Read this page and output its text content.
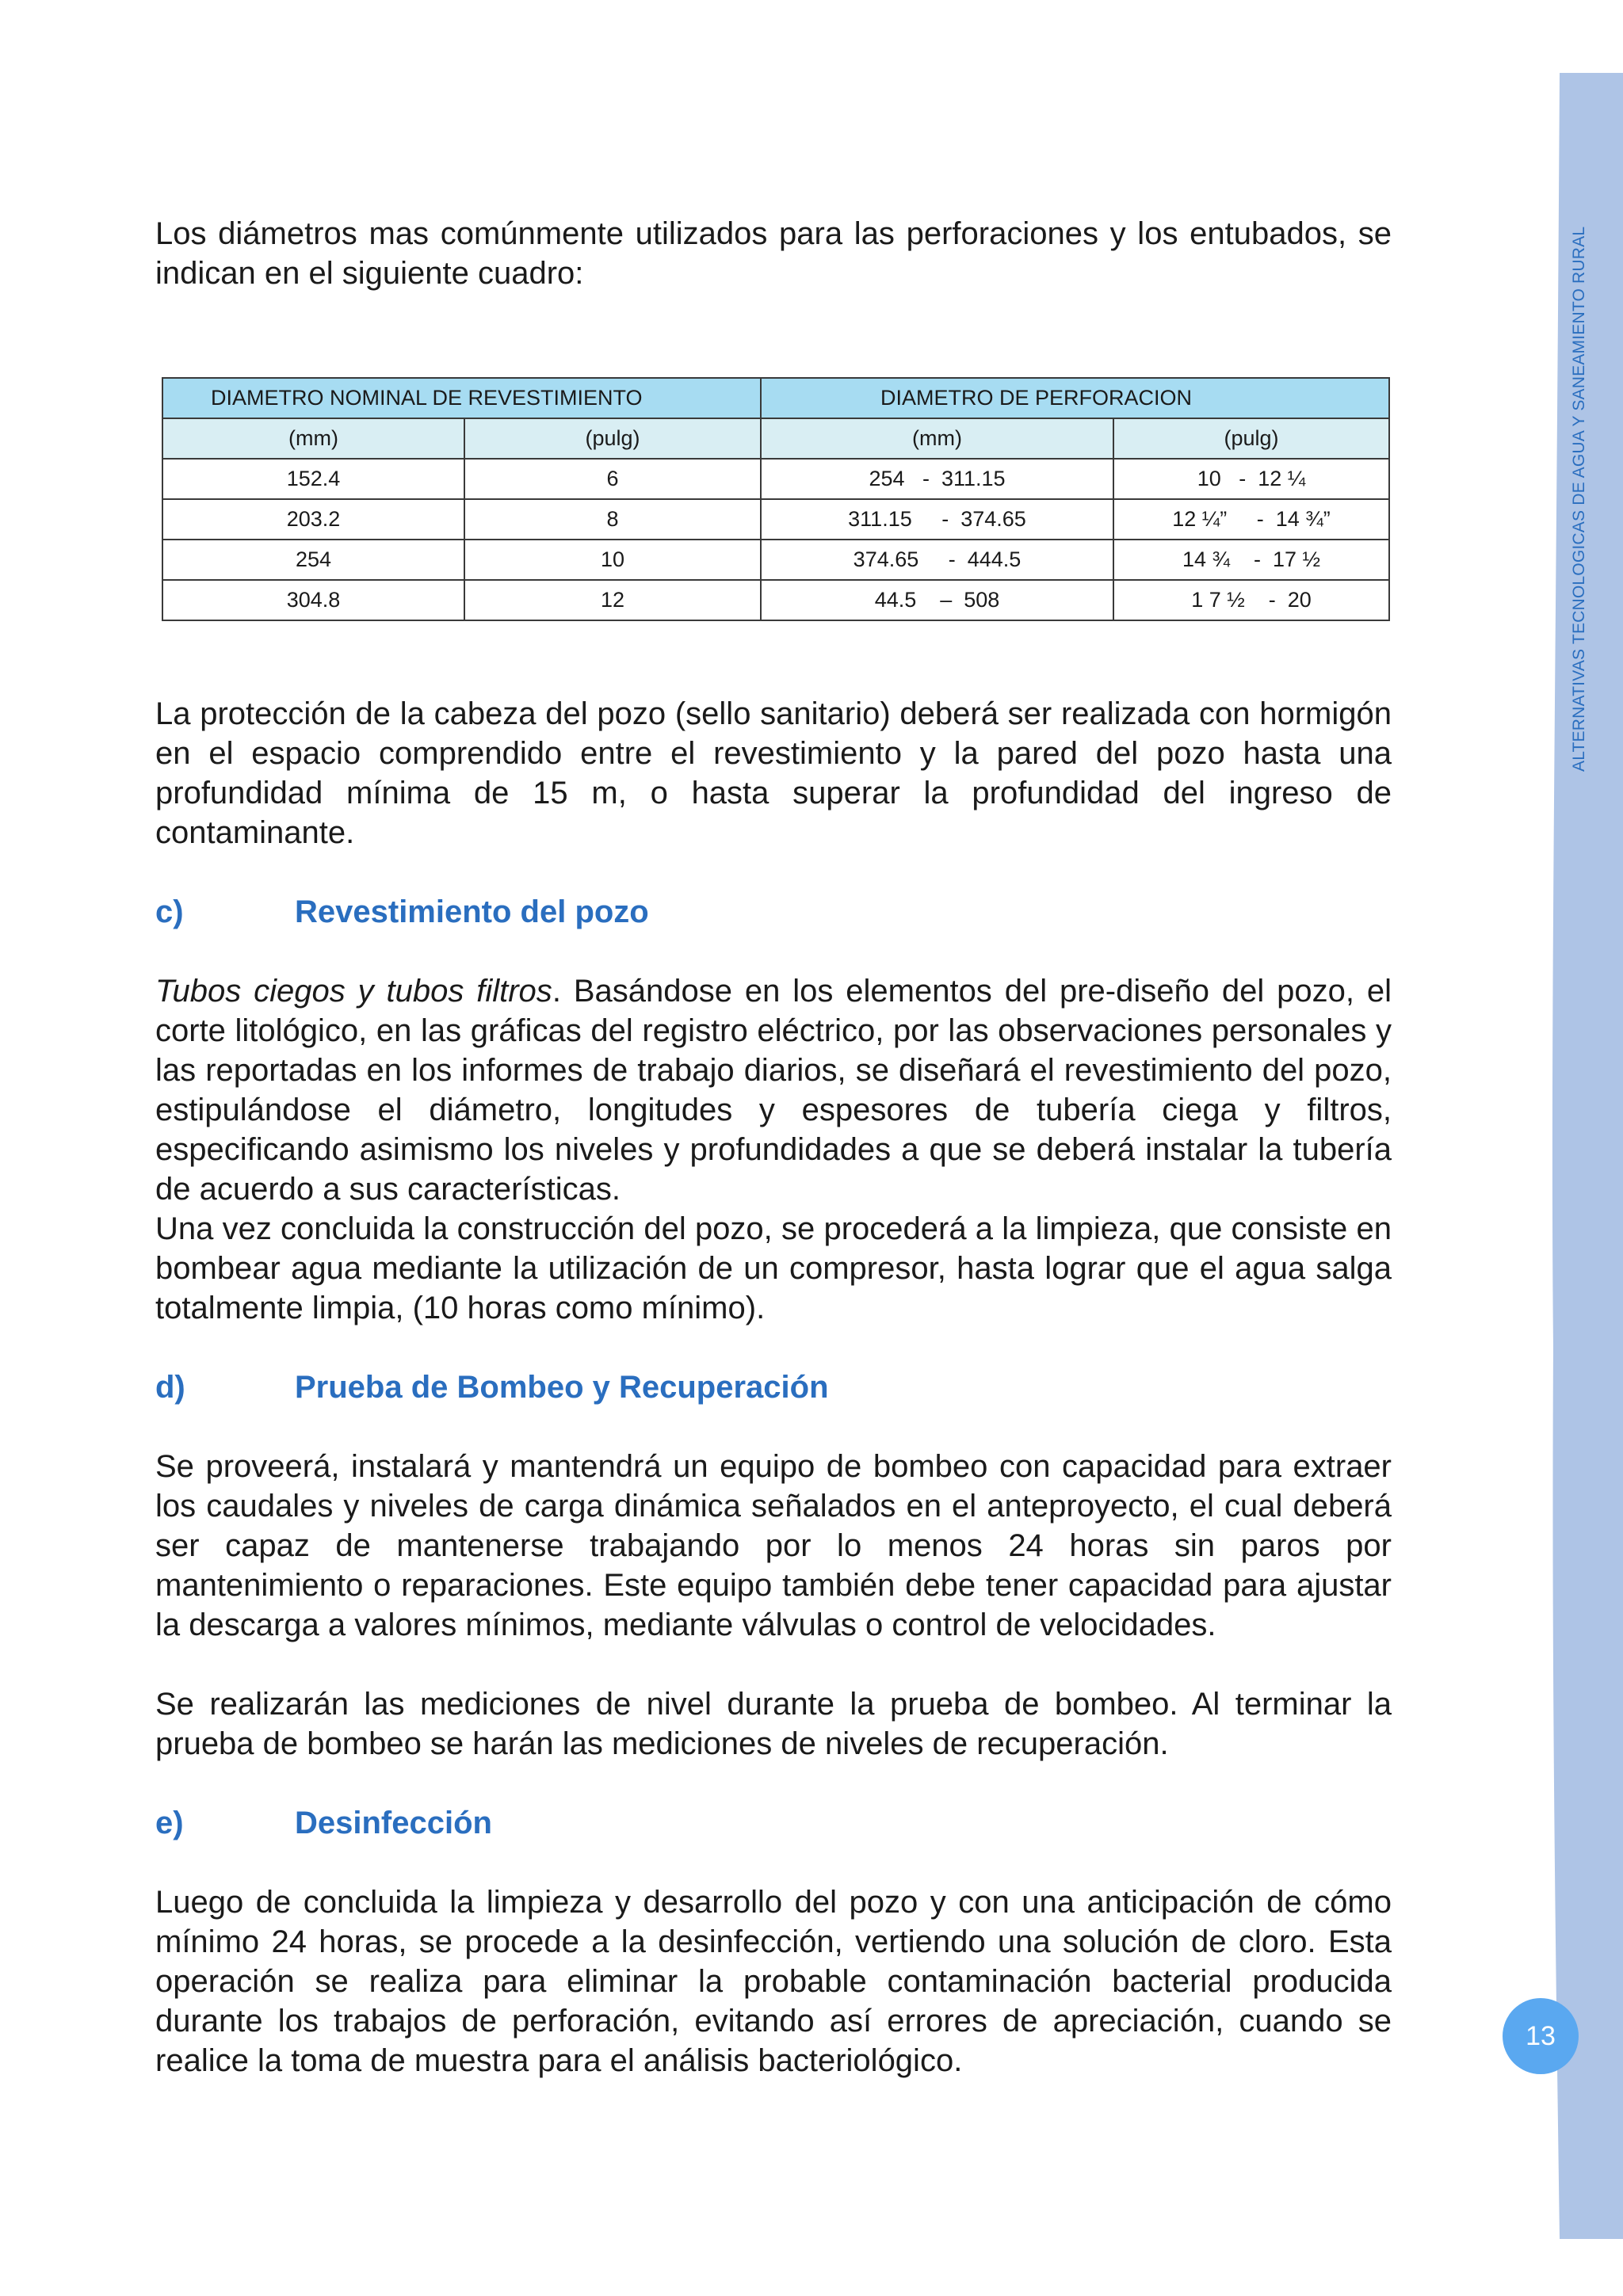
ALTERNATIVAS TECNOLOGICAS DE AGUA Y SANEAMIENTO RURAL
13

Los diámetros mas comúnmente utilizados para las perforaciones y los entubados, se indican en el siguiente cuadro:

DIAMETRO NOMINAL DE REVESTIMIENTO		DIAMETRO DE PERFORACION	
(mm)	(pulg)	(mm)	(pulg)
152.4	6	254   -  311.15	10   -  12 ¼
203.2	8	311.15     -  374.65	12 ¼”     -  14 ¾”
254	10	374.65     -  444.5	14 ¾    -  17 ½
304.8	12	44.5    –  508	1 7 ½    -  20

La protección de la cabeza del pozo (sello sanitario) deberá ser realizada con hormigón en el espacio comprendido entre el revestimiento y la pared del pozo hasta una profundidad mínima de 15 m, o hasta superar la profundidad del ingreso de contaminante.

c)	Revestimiento del pozo

Tubos ciegos y tubos filtros. Basándose en los elementos del pre-diseño del pozo, el corte litológico, en las gráficas del registro eléctrico, por las observaciones personales y las reportadas en los informes de trabajo diarios, se diseñará el revestimiento del pozo, estipulándose el diámetro, longitudes y espesores de tubería ciega y filtros, especificando asimismo los niveles y profundidades a que se deberá instalar la tubería de acuerdo a sus características.

Una vez concluida la construcción del pozo, se procederá a la limpieza, que consiste en bombear agua mediante la utilización de un compresor, hasta lograr que el agua salga totalmente limpia, (10 horas como mínimo).

d)	Prueba de Bombeo y Recuperación

Se proveerá, instalará y mantendrá un equipo de bombeo con capacidad para extraer los caudales y niveles de carga dinámica señalados en el anteproyecto, el cual deberá ser capaz de mantenerse trabajando por lo menos 24 horas sin paros por mantenimiento o reparaciones. Este equipo también debe tener capacidad para ajustar la descarga a valores mínimos, mediante válvulas o control de velocidades.

Se realizarán las mediciones de nivel durante la prueba de bombeo. Al terminar la prueba de bombeo se harán las mediciones de niveles de recuperación.

e)	Desinfección

Luego de concluida la limpieza y desarrollo del pozo y con una anticipación de cómo mínimo 24 horas, se procede a la desinfección, vertiendo una solución de cloro. Esta operación se realiza para eliminar la probable contaminación bacterial producida durante los trabajos de perforación, evitando así errores de apreciación, cuando se realice la toma de muestra para el análisis bacteriológico.
